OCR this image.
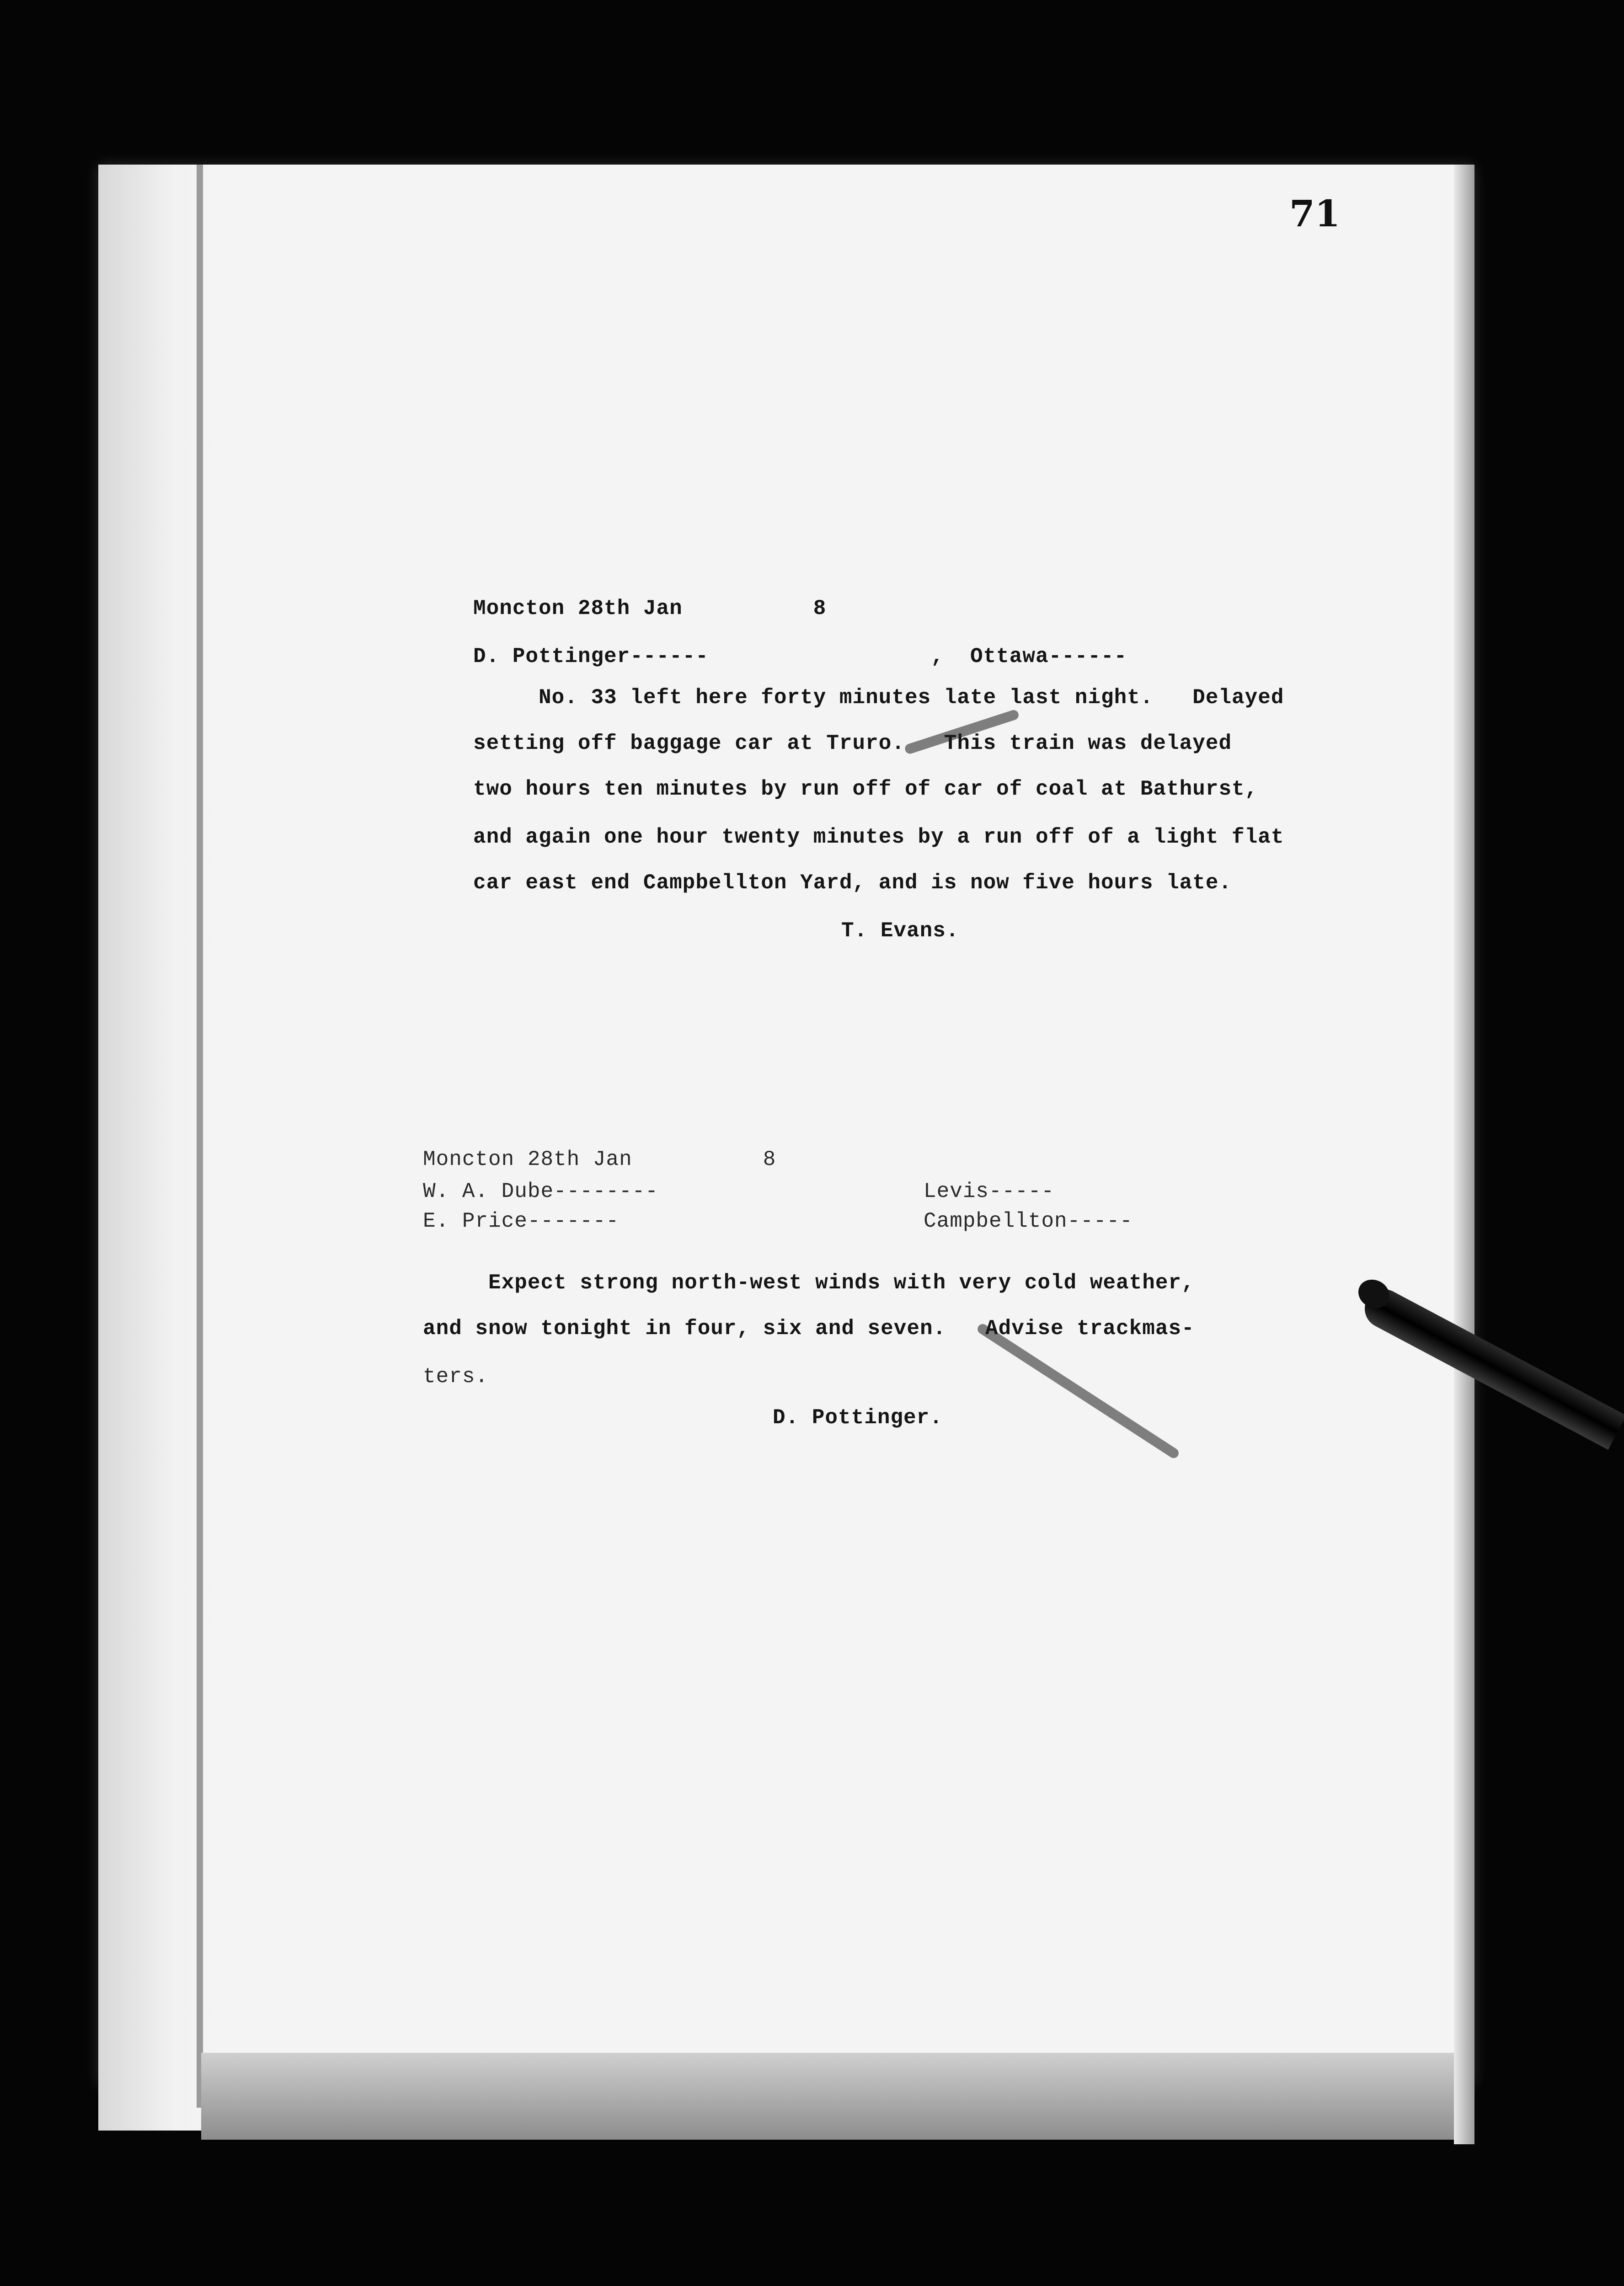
71
Moncton 28th Jan          8
D. Pottinger------                 ,  Ottawa------
No. 33 left here forty minutes late last night.   Delayed
setting off baggage car at Truro.   This train was delayed
two hours ten minutes by run off of car of coal at Bathurst,
and again one hour twenty minutes by a run off of a light flat
car east end Campbellton Yard, and is now five hours late.
T. Evans.
Moncton 28th Jan          8
W. A. Dube--------
E. Price-------
Levis-----
Campbellton-----
Expect strong north-west winds with very cold weather,
and snow tonight in four, six and seven.   Advise trackmas-
ters.
D. Pottinger.
